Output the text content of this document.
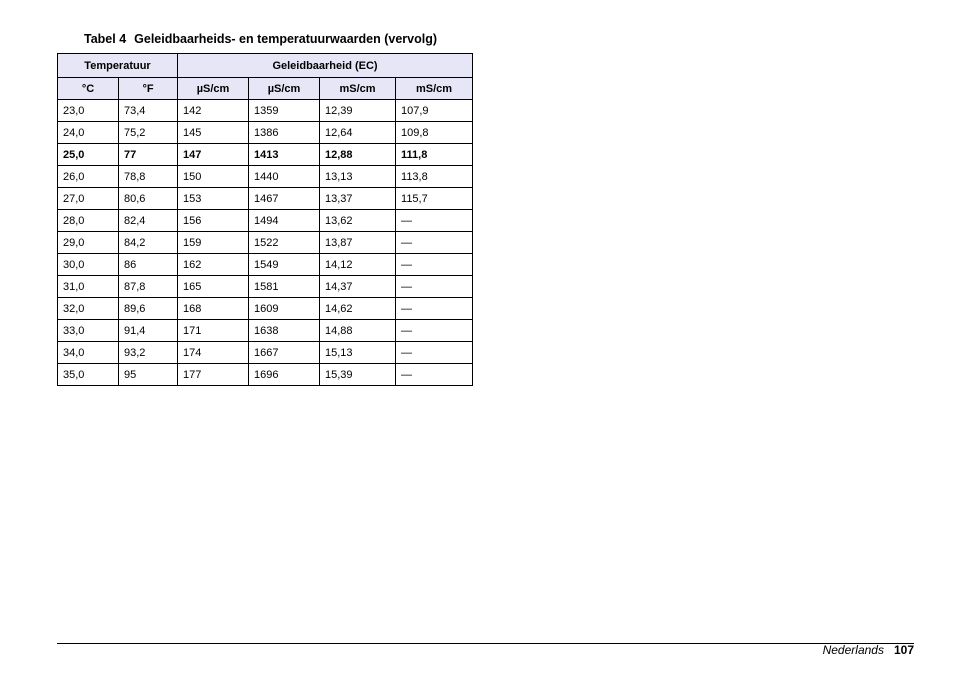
Tabel 4 Geleidbaarheids- en temperatuurwaarden (vervolg)
Temperatuur		Geleidbaarheid (EC)			
°C	°F	µS/cm	µS/cm	mS/cm	mS/cm
23,0	73,4	142	1359	12,39	107,9
24,0	75,2	145	1386	12,64	109,8
25,0	77	147	1413	12,88	111,8
26,0	78,8	150	1440	13,13	113,8
27,0	80,6	153	1467	13,37	115,7
28,0	82,4	156	1494	13,62	—
29,0	84,2	159	1522	13,87	—
30,0	86	162	1549	14,12	—
31,0	87,8	165	1581	14,37	—
32,0	89,6	168	1609	14,62	—
33,0	91,4	171	1638	14,88	—
34,0	93,2	174	1667	15,13	—
35,0	95	177	1696	15,39	—
Nederlands 107
